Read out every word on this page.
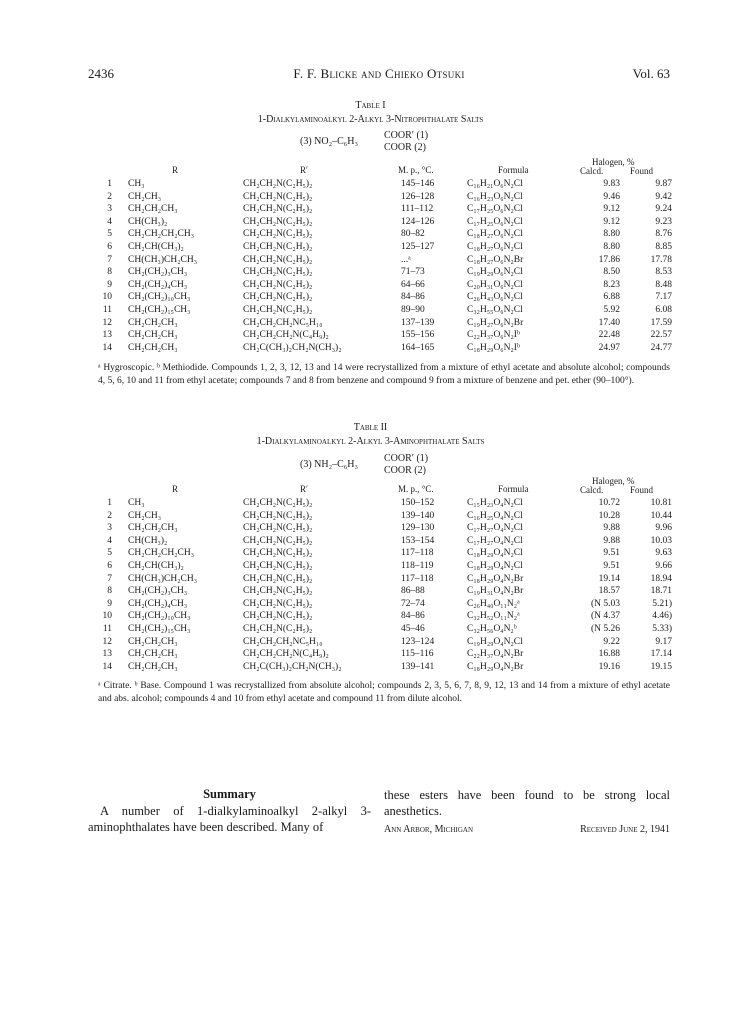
2436	F. F. Blicke and Chieko Otsuki	Vol. 63
Table I
1-Dialkylaminoalkyl 2-Alkyl 3-Nitrophthalate Salts
(3) NO₂–C₆H₃
COOR′ (1)
COOR (2)
R	R′	M. p., °C.	Formula
Halogen, %
Calcd.	Found
1	CH₃	CH₂CH₂N(C₂H₅)₂	145–146	C₁₆H₂₁O₆N₂Cl	9.83	9.87
2	CH₂CH₃	CH₂CH₂N(C₂H₅)₂	126–128	C₁₆H₂₃O₆N₂Cl	9.46	9.42
3	CH₂CH₂CH₃	CH₂CH₂N(C₂H₅)₂	111–112	C₁₇H₂₅O₆N₂Cl	9.12	9.24
4	CH(CH₃)₂	CH₂CH₂N(C₂H₅)₂	124–126	C₁₇H₂₅O₆N₂Cl	9.12	9.23
5	CH₂CH₂CH₂CH₃	CH₂CH₂N(C₂H₅)₂	80–82	C₁₈H₂₇O₆N₂Cl	8.80	8.76
6	CH₂CH(CH₃)₂	CH₂CH₂N(C₂H₅)₂	125–127	C₁₈H₂₇O₆N₂Cl	8.80	8.85
7	CH(CH₃)CH₂CH₃	CH₂CH₂N(C₂H₅)₂	...ᵃ	C₁₈H₂₇O₆N₂Br	17.86	17.78
8	CH₂(CH₂)₃CH₃	CH₂CH₂N(C₂H₅)₂	71–73	C₁₉H₂₉O₆N₂Cl	8.50	8.53
9	CH₂(CH₂)₄CH₃	CH₂CH₂N(C₂H₅)₂	64–66	C₂₀H₃₁O₆N₂Cl	8.23	8.48
10	CH₂(CH₂)₁₀CH₃	CH₂CH₂N(C₂H₅)₂	84–86	C₂₆H₄₃O₆N₂Cl	6.88	7.17
11	CH₂(CH₂)₁₅CH₃	CH₂CH₂N(C₂H₅)₂	89–90	C₃₂H₅₅O₆N₂Cl	5.92	6.08
12	CH₂CH₂CH₃	CH₂CH₂CH₂NC₅H₁₀	137–139	C₁₉H₂₇O₆N₂Br	17.40	17.59
13	CH₂CH₂CH₃	CH₂CH₂CH₂N(C₄H₉)₂	155–156	C₂₂H₃₇O₆N₂Iᵇ	22.48	22.57
14	CH₂CH₂CH₃	CH₂C(CH₃)₂CH₂N(CH₃)₂	164–165	C₁₈H₂₉O₆N₂Iᵇ	24.97	24.77
ᵃ Hygroscopic. ᵇ Methiodide. Compounds 1, 2, 3, 12, 13 and 14 were recrystallized from a mixture of ethyl acetate and absolute alcohol; compounds 4, 5, 6, 10 and 11 from ethyl acetate; compounds 7 and 8 from benzene and compound 9 from a mixture of benzene and pet. ether (90–100°).
Table II
1-Dialkylaminoalkyl 2-Alkyl 3-Aminophthalate Salts
(3) NH₂–C₆H₃
COOR′ (1)
COOR (2)
R	R′	M. p., °C.	Formula
Halogen, %
Calcd.	Found
1	CH₃	CH₂CH₂N(C₂H₅)₂	150–152	C₁₅H₂₃O₄N₂Cl	10.72	10.81
2	CH₂CH₃	CH₂CH₂N(C₂H₅)₂	139–140	C₁₆H₂₅O₄N₂Cl	10.28	10.44
3	CH₂CH₂CH₃	CH₂CH₂N(C₂H₅)₂	129–130	C₁₇H₂₇O₄N₂Cl	9.88	9.96
4	CH(CH₃)₂	CH₂CH₂N(C₂H₅)₂	153–154	C₁₇H₂₇O₄N₂Cl	9.88	10.03
5	CH₂CH₂CH₂CH₃	CH₂CH₂N(C₂H₅)₂	117–118	C₁₈H₂₉O₄N₂Cl	9.51	9.63
6	CH₂CH(CH₃)₂	CH₂CH₂N(C₂H₅)₂	118–119	C₁₈H₂₉O₄N₂Cl	9.51	9.66
7	CH(CH₃)CH₂CH₃	CH₂CH₂N(C₂H₅)₂	117–118	C₁₈H₂₉O₄N₂Br	19.14	18.94
8	CH₂(CH₂)₃CH₃	CH₂CH₂N(C₂H₅)₂	86–88	C₁₉H₃₁O₄N₂Br	18.57	18.71
9	CH₂(CH₂)₄CH₃	CH₂CH₂N(C₂H₅)₂	72–74	C₂₆H₄₀O₁₁N₂ᵃ	(N 5.03	5.21)
10	CH₂(CH₂)₁₀CH₃	CH₂CH₂N(C₂H₅)₂	84–86	C₃₂H₅₂O₁₁N₂ᵃ	(N 4.37	4.46)
11	CH₂(CH₂)₁₅CH₃	CH₂CH₂N(C₂H₅)₂	45–46	C₃₂H₅₆O₄N₂ᵇ	(N 5.26	5.33)
12	CH₂CH₂CH₃	CH₂CH₂CH₂NC₅H₁₀	123–124	C₁₉H₂₉O₄N₂Cl	9.22	9.17
13	CH₂CH₂CH₃	CH₂CH₂CH₂N(C₄H₉)₂	115–116	C₂₂H₃₇O₄N₂Br	16.88	17.14
14	CH₂CH₂CH₃	CH₂C(CH₃)₂CH₂N(CH₃)₂	139–141	C₁₈H₂₉O₄N₂Br	19.16	19.15
ᵃ Citrate. ᵇ Base. Compound 1 was recrystallized from absolute alcohol; compounds 2, 3, 5, 6, 7, 8, 9, 12, 13 and 14 from a mixture of ethyl acetate and abs. alcohol; compounds 4 and 10 from ethyl acetate and compound 11 from dilute alcohol.
Summary
A number of 1-dialkylaminoalkyl 2-alkyl 3-aminophthalates have been described. Many of
these esters have been found to be strong local anesthetics.
Ann Arbor, Michigan	Received June 2, 1941
